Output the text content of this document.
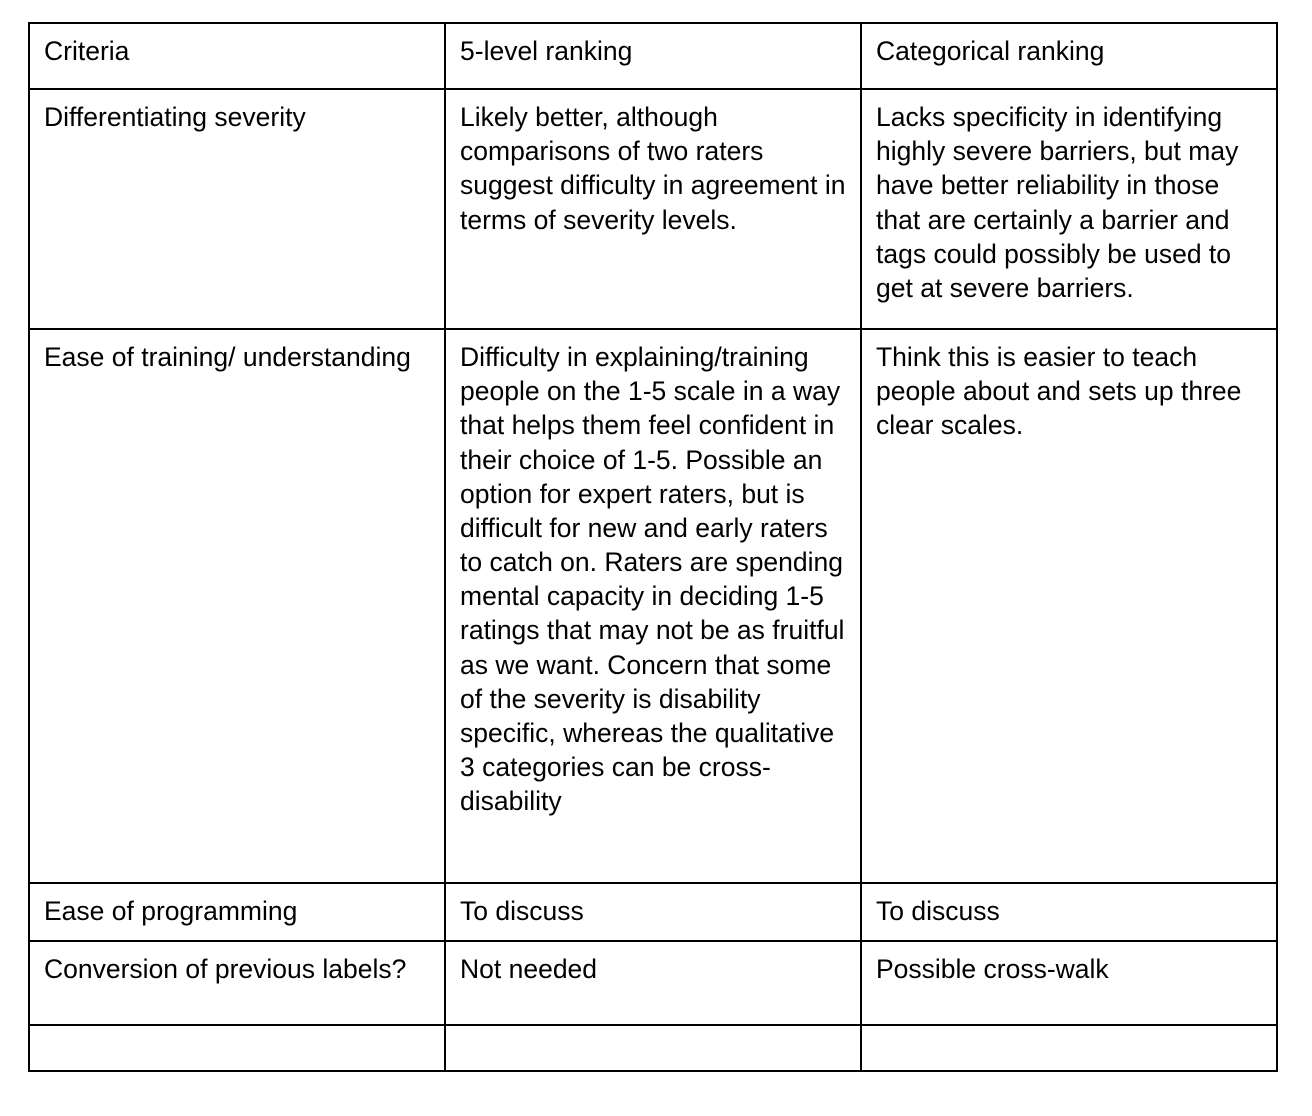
Criteria	5-level ranking	Categorical ranking

Differentiating severity	Likely better, although comparisons of two raters suggest difficulty in agreement in terms of severity levels.	Lacks specificity in identifying highly severe barriers, but may have better reliability in those that are certainly a barrier and tags could possibly be used to get at severe barriers.

Ease of training/ understanding	Difficulty in explaining/training people on the 1-5 scale in a way that helps them feel confident in their choice of 1-5. Possible an option for expert raters, but is difficult for new and early raters to catch on. Raters are spending mental capacity in deciding 1-5 ratings that may not be as fruitful as we want. Concern that some of the severity is disability specific, whereas the qualitative 3 categories can be cross-disability	Think this is easier to teach people about and sets up three clear scales.

Ease of programming	To discuss	To discuss

Conversion of previous labels?	Not needed	Possible cross-walk
